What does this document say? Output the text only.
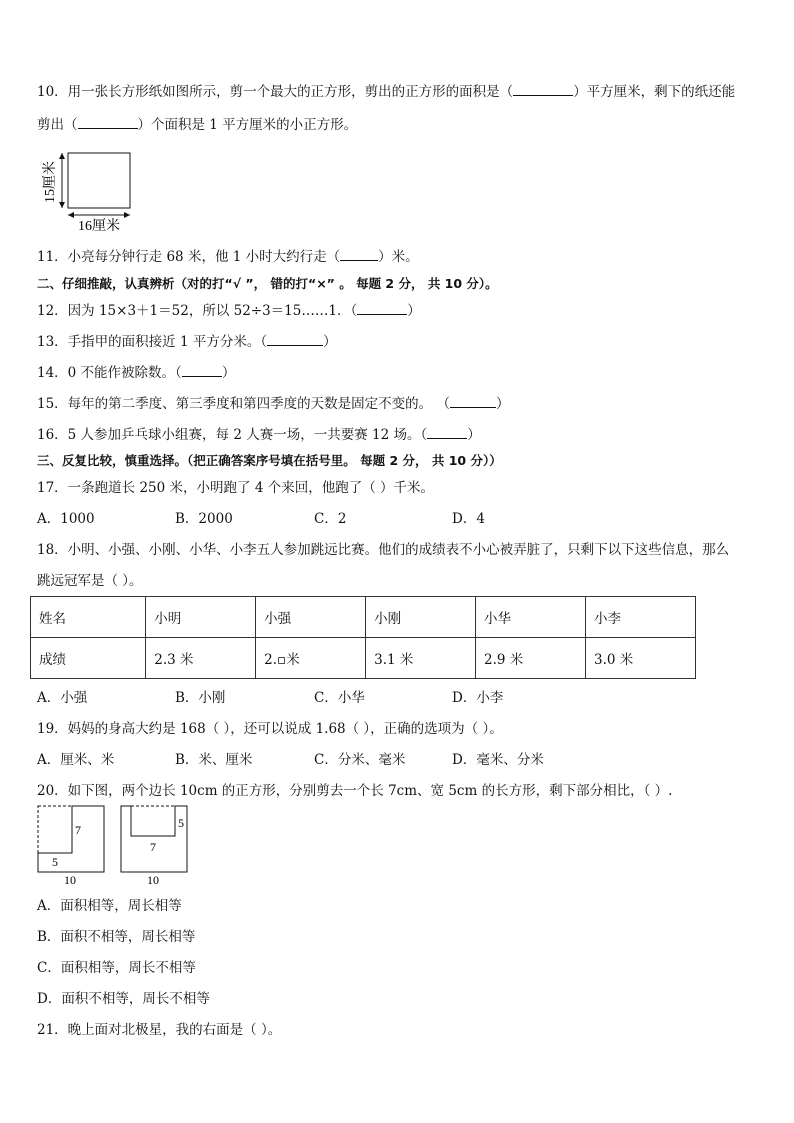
10．用一张长方形纸如图所示，剪一个最大的正方形，剪出的正方形的面积是（	）平方厘米，剩下的纸还能
剪出（	）个面积是 1 平方厘米的小正方形。
15厘米
16厘米
11．小亮每分钟行走 68 米，他 1 小时大约行走（	）米。
二、仔细推敲，认真辨析（对的打“√ ”， 错的打“×” 。 每题 2 分， 共 10 分）。
12．因为 15×3＋1＝52，所以 52÷3＝15……1．（	）
13．手指甲的面积接近 1 平方分米。（	）
14．0 不能作被除数。（	）
15．每年的第二季度、第三季度和第四季度的天数是固定不变的。 （	）
16．5 人参加乒乓球小组赛，每 2 人赛一场，一共要赛 12 场。（	）
三、反复比较，慎重选择。（把正确答案序号填在括号里。 每题 2 分， 共 10 分））
17．一条跑道长 250 米，小明跑了 4 个来回，他跑了（ ）千米。
A．1000	B．2000	C．2	D．4
18．小明、小强、小刚、小华、小李五人参加跳远比赛。他们的成绩表不小心被弄脏了，只剩下以下这些信息，那么
跳远冠军是（ ）。
姓名	小明	小强	小刚	小华	小李
成绩	2.3 米	2.▫米	3.1 米	2.9 米	3.0 米
A．小强	B．小刚	C．小华	D．小李
19．妈妈的身高大约是 168（ ），还可以说成 1.68（ ），正确的选项为（ ）。
A．厘米、米	B．米、厘米	C．分米、毫米	D．毫米、分米
20．如下图，两个边长 10cm 的正方形，分别剪去一个长 7cm、宽 5cm 的长方形，剩下部分相比，（ ）.
7
5
10
5
7
10
A．面积相等，周长相等
B．面积不相等，周长相等
C．面积相等，周长不相等
D．面积不相等，周长不相等
21．晚上面对北极星，我的右面是（ ）。
